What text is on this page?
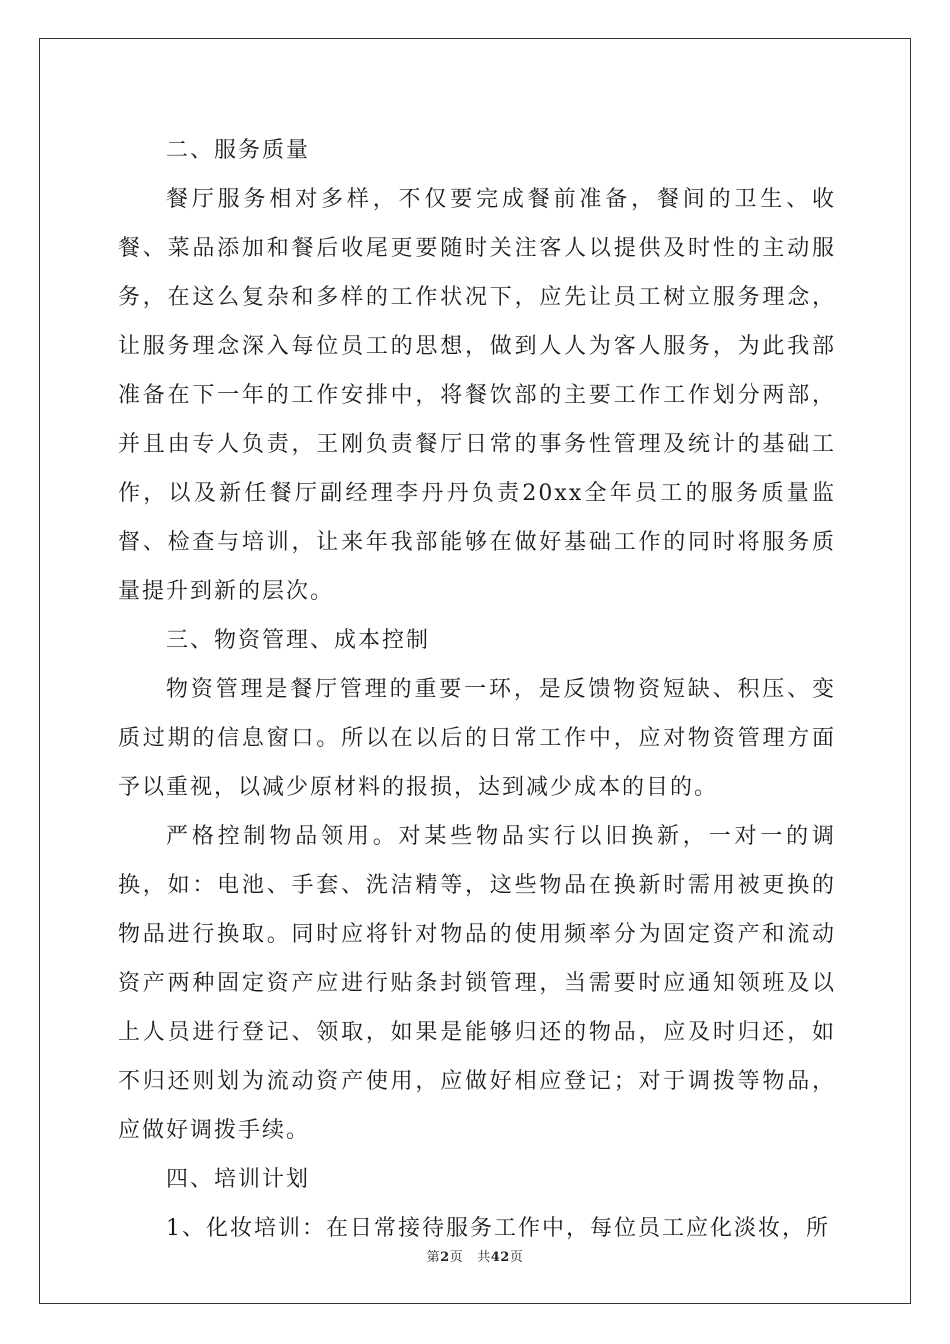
二、服务质量

餐厅服务相对多样，不仅要完成餐前准备，餐间的卫生、收餐、菜品添加和餐后收尾更要随时关注客人以提供及时性的主动服务，在这么复杂和多样的工作状况下，应先让员工树立服务理念，让服务理念深入每位员工的思想，做到人人为客人服务，为此我部准备在下一年的工作安排中，将餐饮部的主要工作工作划分两部，并且由专人负责，王刚负责餐厅日常的事务性管理及统计的基础工作，以及新任餐厅副经理李丹丹负责20xx全年员工的服务质量监督、检查与培训，让来年我部能够在做好基础工作的同时将服务质量提升到新的层次。

三、物资管理、成本控制

物资管理是餐厅管理的重要一环，是反馈物资短缺、积压、变质过期的信息窗口。所以在以后的日常工作中，应对物资管理方面予以重视，以减少原材料的报损，达到减少成本的目的。

严格控制物品领用。对某些物品实行以旧换新，一对一的调换，如：电池、手套、洗洁精等，这些物品在换新时需用被更换的物品进行换取。同时应将针对物品的使用频率分为固定资产和流动资产两种固定资产应进行贴条封锁管理，当需要时应通知领班及以上人员进行登记、领取，如果是能够归还的物品，应及时归还，如不归还则划为流动资产使用，应做好相应登记；对于调拨等物品，应做好调拨手续。

四、培训计划

1、化妆培训：在日常接待服务工作中，每位员工应化淡妆，所

第2页 共42页
